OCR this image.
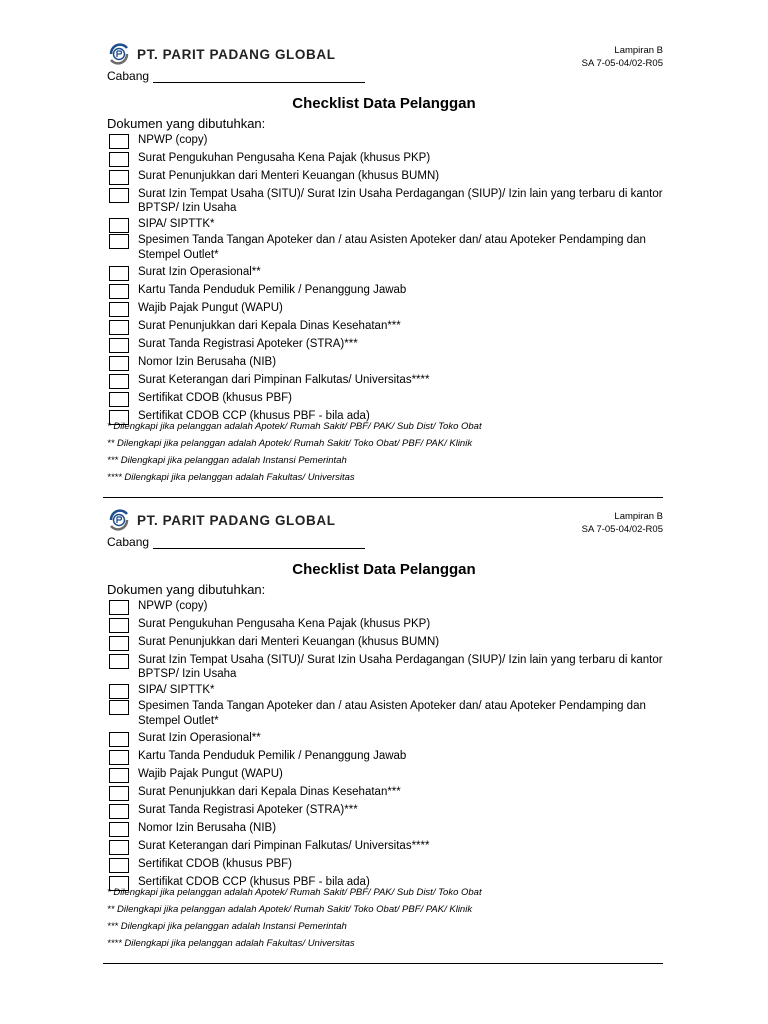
PT. PARIT PADANG GLOBAL	Lampiran B
SA 7-05-04/02-R05
Cabang
Checklist Data Pelanggan
Dokumen yang dibutuhkan:
NPWP (copy)
Surat Pengukuhan Pengusaha Kena Pajak (khusus PKP)
Surat Penunjukkan dari Menteri Keuangan (khusus BUMN)
Surat Izin Tempat Usaha (SITU)/ Surat Izin Usaha Perdagangan (SIUP)/ Izin lain yang terbaru di kantor BPTSP/ Izin Usaha
SIPA/ SIPTTK*
Spesimen Tanda Tangan Apoteker dan / atau Asisten Apoteker dan/ atau Apoteker Pendamping dan Stempel Outlet*
Surat Izin Operasional**
Kartu Tanda Penduduk Pemilik / Penanggung Jawab
Wajib Pajak Pungut (WAPU)
Surat Penunjukkan dari Kepala Dinas Kesehatan***
Surat Tanda Registrasi Apoteker (STRA)***
Nomor Izin Berusaha (NIB)
Surat Keterangan dari Pimpinan Falkutas/ Universitas****
Sertifikat CDOB (khusus PBF)
Sertifikat CDOB CCP (khusus PBF - bila ada)
* Dilengkapi jika pelanggan adalah Apotek/ Rumah Sakit/ PBF/ PAK/ Sub Dist/ Toko Obat
** Dilengkapi jika pelanggan adalah Apotek/ Rumah Sakit/ Toko Obat/ PBF/ PAK/ Klinik
*** Dilengkapi jika pelanggan adalah Instansi Pemerintah
**** Dilengkapi jika pelanggan adalah Fakultas/ Universitas
PT. PARIT PADANG GLOBAL	Lampiran B
SA 7-05-04/02-R05
Cabang
Checklist Data Pelanggan
Dokumen yang dibutuhkan:
NPWP (copy)
Surat Pengukuhan Pengusaha Kena Pajak (khusus PKP)
Surat Penunjukkan dari Menteri Keuangan (khusus BUMN)
Surat Izin Tempat Usaha (SITU)/ Surat Izin Usaha Perdagangan (SIUP)/ Izin lain yang terbaru di kantor BPTSP/ Izin Usaha
SIPA/ SIPTTK*
Spesimen Tanda Tangan Apoteker dan / atau Asisten Apoteker dan/ atau Apoteker Pendamping dan Stempel Outlet*
Surat Izin Operasional**
Kartu Tanda Penduduk Pemilik / Penanggung Jawab
Wajib Pajak Pungut (WAPU)
Surat Penunjukkan dari Kepala Dinas Kesehatan***
Surat Tanda Registrasi Apoteker (STRA)***
Nomor Izin Berusaha (NIB)
Surat Keterangan dari Pimpinan Falkutas/ Universitas****
Sertifikat CDOB (khusus PBF)
Sertifikat CDOB CCP (khusus PBF - bila ada)
* Dilengkapi jika pelanggan adalah Apotek/ Rumah Sakit/ PBF/ PAK/ Sub Dist/ Toko Obat
** Dilengkapi jika pelanggan adalah Apotek/ Rumah Sakit/ Toko Obat/ PBF/ PAK/ Klinik
*** Dilengkapi jika pelanggan adalah Instansi Pemerintah
**** Dilengkapi jika pelanggan adalah Fakultas/ Universitas
